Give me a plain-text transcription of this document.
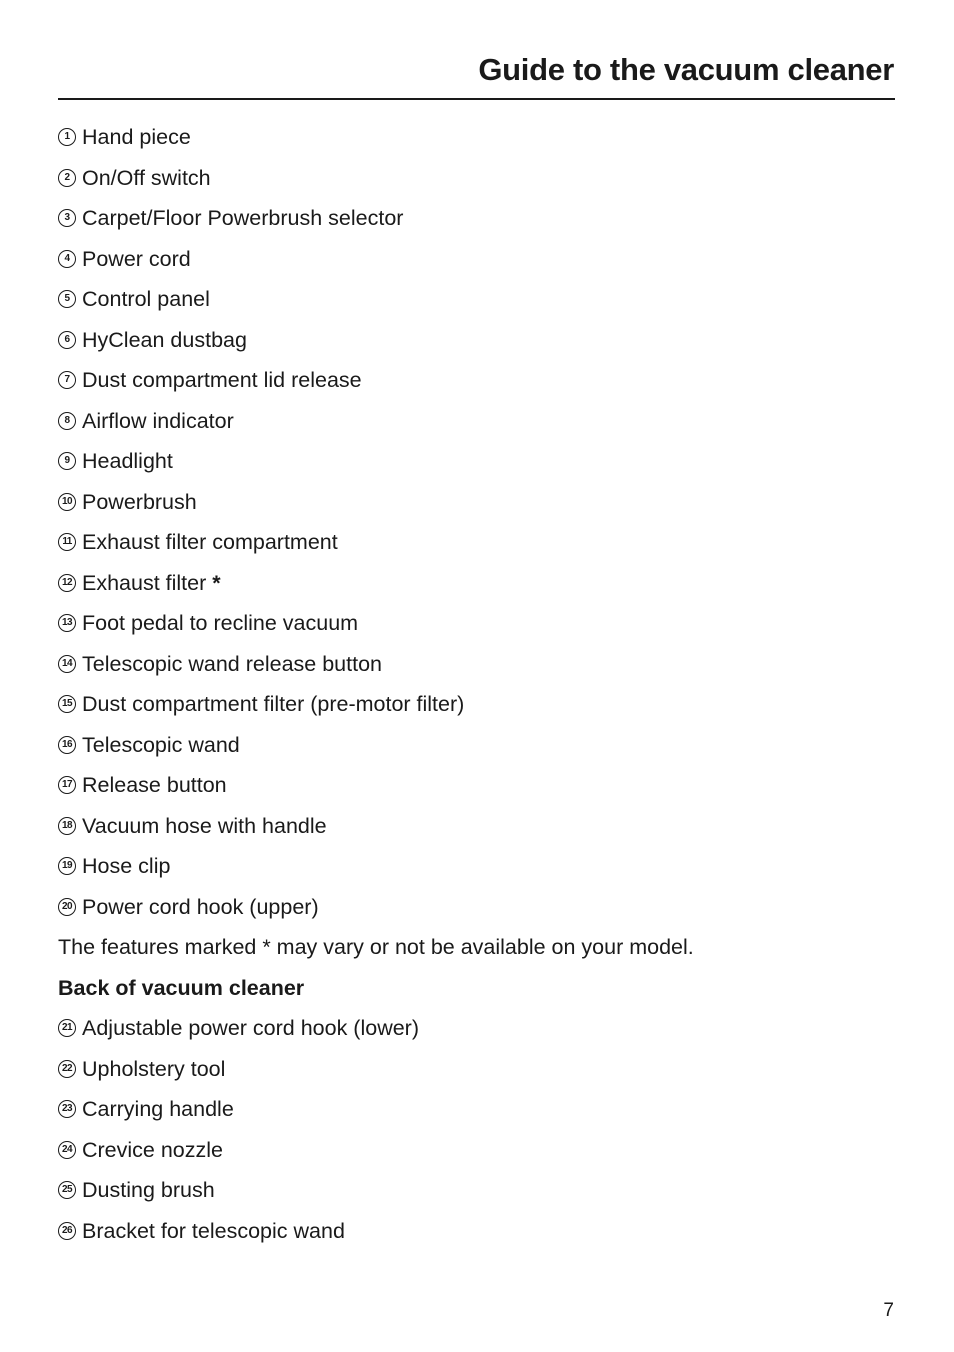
Guide to the vacuum cleaner
1 Hand piece
2 On/Off switch
3 Carpet/Floor Powerbrush selector
4 Power cord
5 Control panel
6 HyClean dustbag
7 Dust compartment lid release
8 Airflow indicator
9 Headlight
10 Powerbrush
11 Exhaust filter compartment
12 Exhaust filter
*
13 Foot pedal to recline vacuum
14 Telescopic wand release button
15 Dust compartment filter (pre-motor filter)
16 Telescopic wand
17 Release button
18 Vacuum hose with handle
19 Hose clip
20 Power cord hook (upper)
The features marked * may vary or not be available on your model.
Back of vacuum cleaner
21 Adjustable power cord hook (lower)
22 Upholstery tool
23 Carrying handle
24 Crevice nozzle
25 Dusting brush
26 Bracket for telescopic wand
7
